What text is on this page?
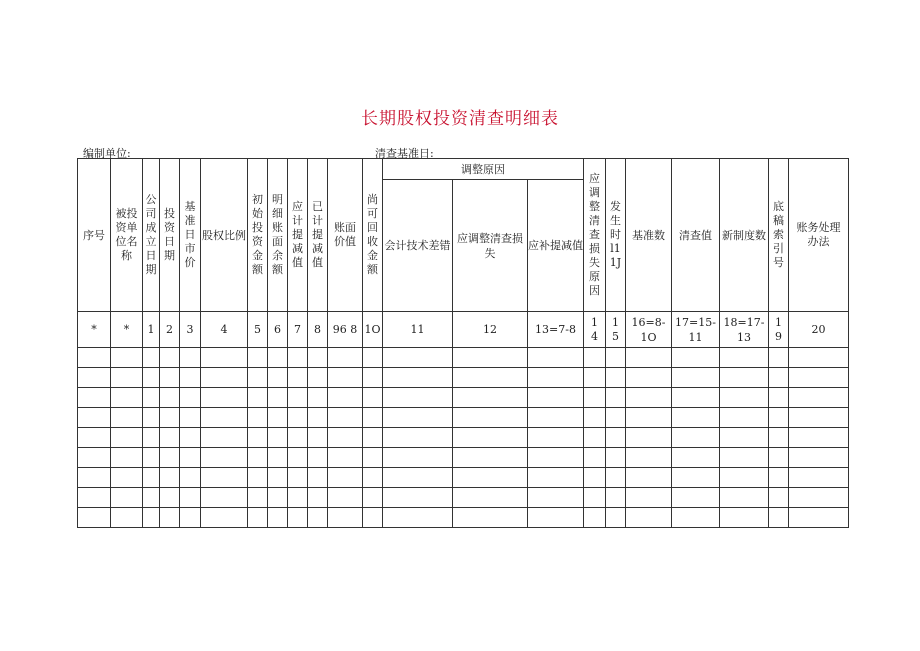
长期股权投资清查明细表
编制单位:	清查基准日:
序号	被投资单位名称	公司成立日期	投资日期	基准日市价	股权比例	初始投资金额	明细账面余额	应计提减值	已计提减值	账面价值	尚可回收金额	调整原因			应调整清查损失原因	发生时l11J	基准数	清查值	新制度数	底稿索引号	账务处理办法

												会计技术差错	应调整清查损失	应补提减值							
*	*	1	2	3	4	5	6	7	8	96 8	1O	11	12	13=7-8	1 4	1 5	16=8-1O	17=15- 11	18=17- 13	1 9	20
